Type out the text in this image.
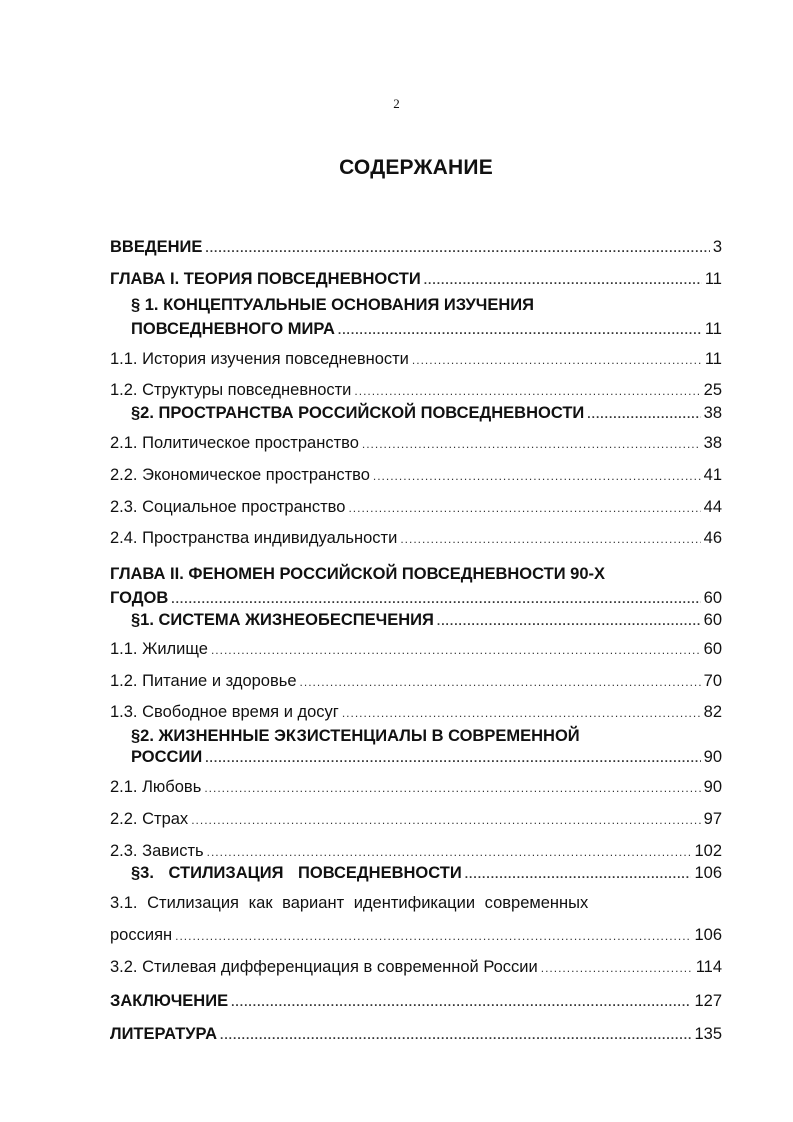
2
СОДЕРЖАНИЕ
ВВЕДЕНИЕ .....	3
ГЛАВА I. ТЕОРИЯ ПОВСЕДНЕВНОСТИ .....	11
§ 1. КОНЦЕПТУАЛЬНЫЕ ОСНОВАНИЯ ИЗУЧЕНИЯ
ПОВСЕДНЕВНОГО МИРА .....	11
1.1. История изучения повседневности .....	11
1.2. Структуры повседневности .....	25
§2. ПРОСТРАНСТВА РОССИЙСКОЙ ПОВСЕДНЕВНОСТИ .....	38
2.1. Политическое пространство .....	38
2.2. Экономическое пространство .....	41
2.3. Социальное пространство .....	44
2.4. Пространства индивидуальности .....	46
ГЛАВА II. ФЕНОМЕН РОССИЙСКОЙ ПОВСЕДНЕВНОСТИ 90-Х
ГОДОВ .....	60
§1. СИСТЕМА ЖИЗНЕОБЕСПЕЧЕНИЯ .....	60
1.1. Жилище .....	60
1.2. Питание и здоровье .....	70
1.3. Свободное время и досуг .....	82
§2. ЖИЗНЕННЫЕ ЭКЗИСТЕНЦИАЛЫ В СОВРЕМЕННОЙ
РОССИИ .....	90
2.1. Любовь .....	90
2.2. Страх .....	97
2.3. Зависть .....	102
§3. СТИЛИЗАЦИЯ ПОВСЕДНЕВНОСТИ .....	106
3.1. Стилизация как вариант идентификации современных
россиян .....	106
3.2. Стилевая дифференциация в современной России .....	114
ЗАКЛЮЧЕНИЕ .....	127
ЛИТЕРАТУРА .....	135
